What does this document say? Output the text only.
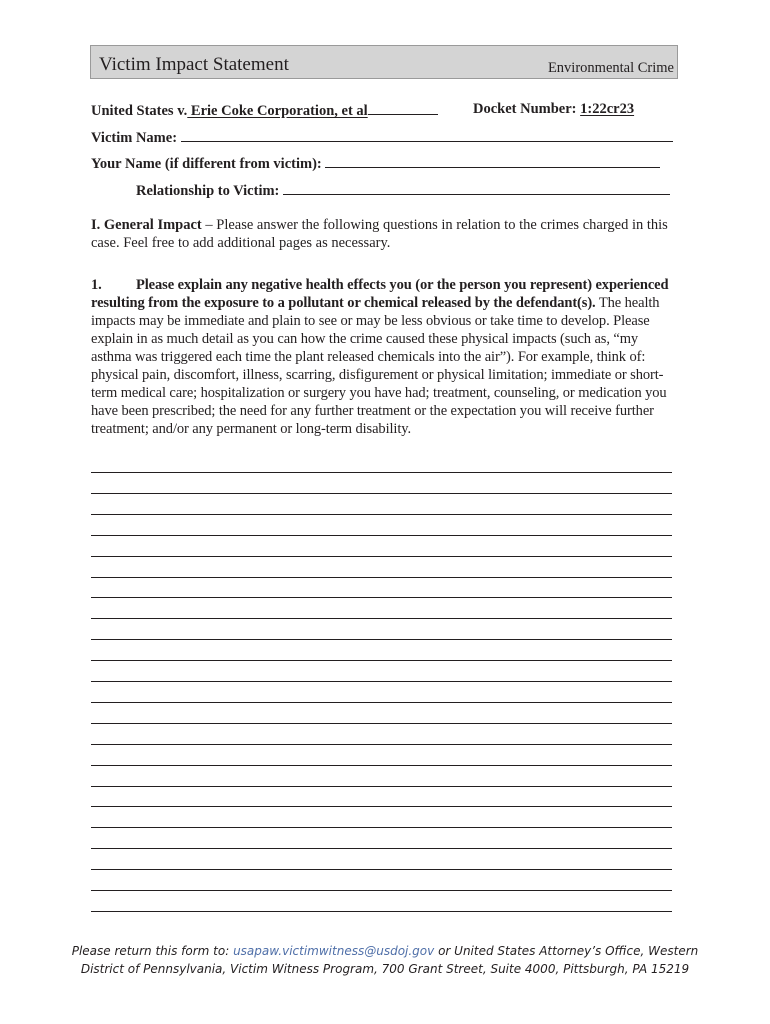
Victim Impact Statement	Environmental Crime
United States v. Erie Coke Corporation, et al	Docket Number: 1:22cr23
Victim Name:
Your Name (if different from victim):
Relationship to Victim:
I. General Impact – Please answer the following questions in relation to the crimes charged in this case. Feel free to add additional pages as necessary.
1. Please explain any negative health effects you (or the person you represent) experienced resulting from the exposure to a pollutant or chemical released by the defendant(s). The health impacts may be immediate and plain to see or may be less obvious or take time to develop. Please explain in as much detail as you can how the crime caused these physical impacts (such as, “my asthma was triggered each time the plant released chemicals into the air”). For example, think of: physical pain, discomfort, illness, scarring, disfigurement or physical limitation; immediate or short-term medical care; hospitalization or surgery you have had; treatment, counseling, or medication you have been prescribed; the need for any further treatment or the expectation you will receive further treatment; and/or any permanent or long-term disability.
Please return this form to: usapaw.victimwitness@usdoj.gov or United States Attorney’s Office, Western District of Pennsylvania, Victim Witness Program, 700 Grant Street, Suite 4000, Pittsburgh, PA 15219
